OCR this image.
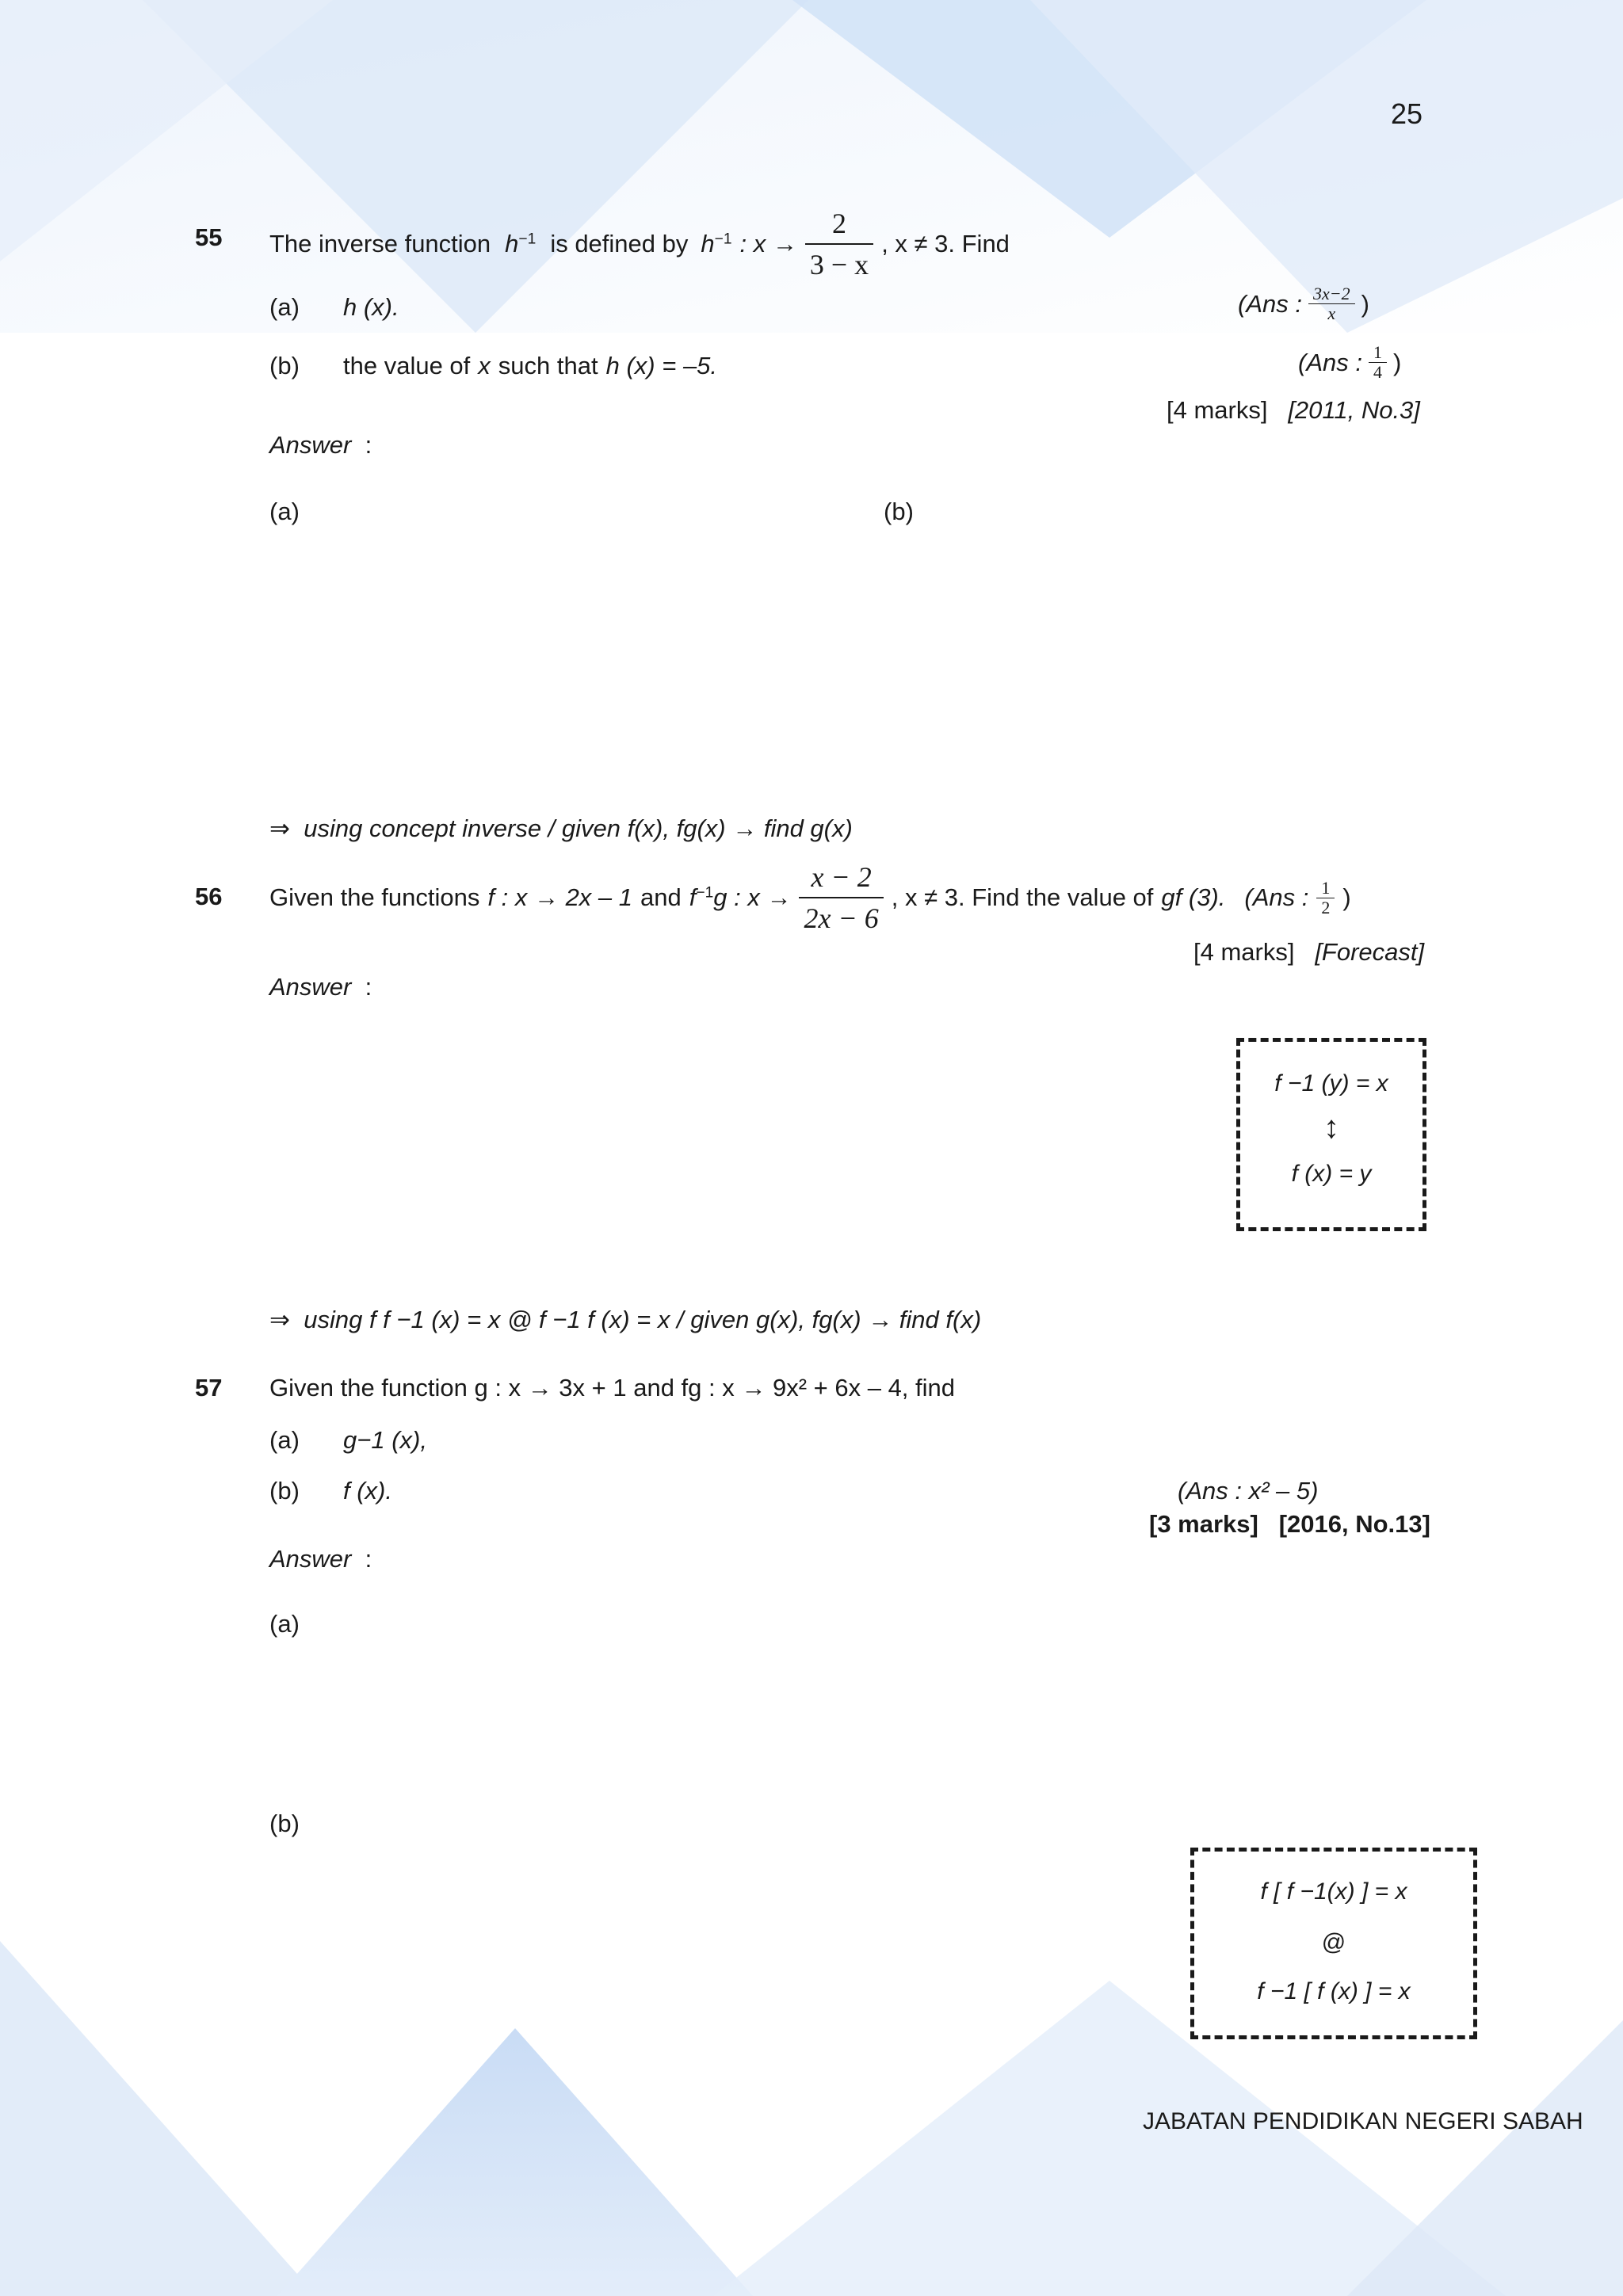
25
55 The inverse function $h^{-1}$ is defined by $h^{-1}$ : $x \to \frac{2}{3 - x}$ , x ≠ 3. Find
(a) h (x).	(Ans : $\frac{3x-2}{x}$ )
(b) the value of x such that h (x) = –5.	(Ans : $\frac{1}{4}$ )
[4 marks] [2011, No.3]
Answer :
(a)	(b)
⇒ using concept inverse / given f(x), fg(x) → find g(x)
56 Given the functions f : x → 2x – 1 and $f^{-1}g$ : $x \to \frac{x - 2}{2x - 6}$ , x ≠ 3. Find the value of gf (3). (Ans : $\frac{1}{2}$ )
[4 marks] [Forecast]
Answer :
f −1 (y) = x
↕
f (x) = y
⇒ using f f −1 (x) = x @ f −1 f (x) = x / given g(x), fg(x) → find f(x)
57 Given the function g : x → 3x + 1 and fg : x → 9x² + 6x – 4, find
(a) g−1 (x),
(b) f (x).	(Ans : x² – 5)
[3 marks] [2016, No.13]
Answer :
(a)
(b)
f [ f −1(x) ] = x
@
f −1 [ f (x) ] = x
JABATAN PENDIDIKAN NEGERI SABAH
